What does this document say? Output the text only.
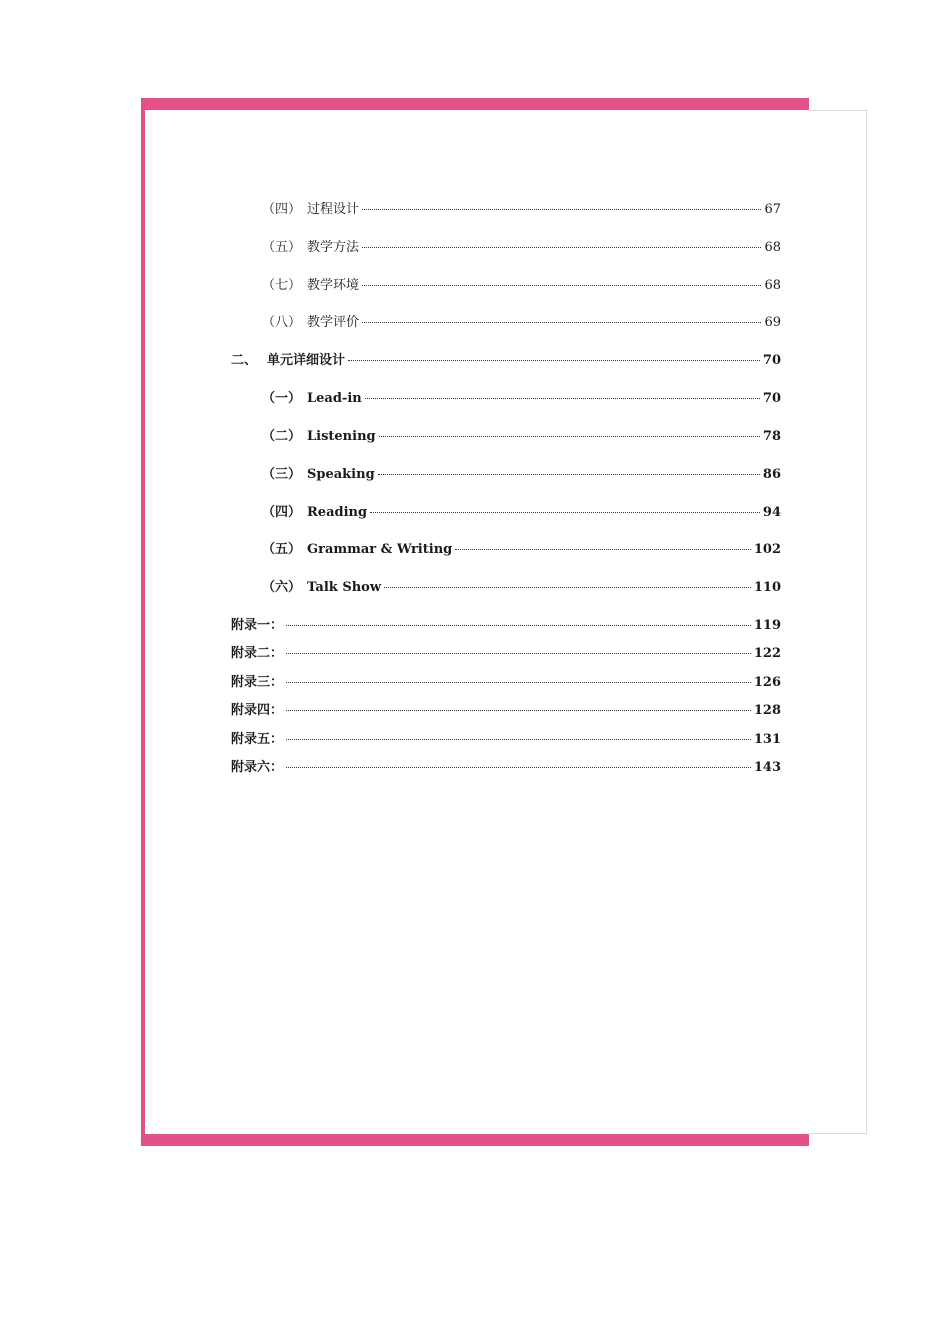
（四） 过程设计	67
（五） 教学方法	68
（七） 教学环境	68
（八） 教学评价	69
二、 单元详细设计	70
（一） Lead-in	70
（二） Listening	78
（三） Speaking	86
（四） Reading	94
（五） Grammar & Writing	102
（六） Talk Show	110
附录一：	119
附录二：	122
附录三：	126
附录四：	128
附录五：	131
附录六：	143
